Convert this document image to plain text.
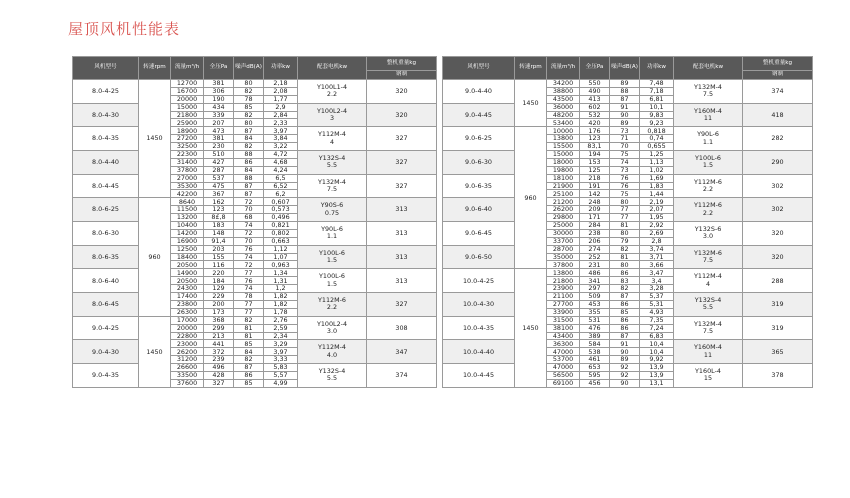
屋顶风机性能表
风机型号	转速rpm	流量m³/h	全压Pa	噪声dB(A)	功率kw	配套电机kw	整机重量kg
							钢制
8.0-4-25	1450	12700	381	80	2,18	Y100L1-4
2.2	320
		16700	306	82	2,08		
		20000	190	78	1,77		
8.0-4-30		15000	434	85	2,9	Y100L2-4
3	320
		21800	339	82	2,84		
		25900	207	80	2,33		
8.0-4-35		18900	473	87	3,97	Y112M-4
4	327
		27200	381	84	3,84		
		32500	230	82	3,22		
8.0-4-40		22300	510	88	4,72	Y132S-4
5.5	327
		31400	427	86	4,68		
		37800	287	84	4,24		
8.0-4-45		27000	537	88	6,5	Y132M-4
7.5	327
		35300	475	87	6,52		
		42200	367	87	6,2		
8.0-6-25	960	8640	162	72	0,607	Y90S-6
0.75	313
		11500	123	70	0,573		
		13200	8£,8	68	0,496		
8.0-6-30		10400	183	74	0,821	Y90L-6
1.1	313
		14200	148	72	0,802		
		16900	91,4	70	0,663		
8.0-6-35		12500	203	76	1,12	Y100L-6
1.5	313
		18400	155	74	1,07		
		20500	116	72	0,963		
8.0-6-40		14900	220	77	1,34	Y100L-6
1.5	313
		20500	184	76	1,31		
		24300	129	74	1,2		
8.0-6-45		17400	229	78	1,82	Y112M-6
2.2	327
		23800	200	77	1,82		
		26300	173	77	1,78		
9.0-4-25	1450	17000	368	82	2,76	Y100L2-4
3.0	308
		20000	299	81	2,59		
		22800	213	81	2,34		
9.0-4-30		23000	441	85	3,29	Y112M-4
4.0	347
		26200	372	84	3,97		
		31200	239	82	3,33		
9.0-4-35		26600	496	87	5,83	Y132S-4
5.5	374
		33500	428	86	5,57		
		37600	327	85	4,99		
风机型号	转速rpm	流量m³/h	全压Pa	噪声dB(A)	功率kw	配套电机kw	整机重量kg
							钢制
9.0-4-40	1450	34200	550	89	7,48	Y132M-4
7.5	374
		38800	490	88	7,18		
		43500	413	87	6,81		
9.0-4-45		36000	602	91	10,1	Y160M-4
11	418
		48200	532	90	9,83		
		53400	420	89	9,23		
9.0-6-25	960	10000	176	73	0,818	Y90L-6
1.1	282
		13800	123	71	0,74		
		15500	83,1	70	0,655		
9.0-6-30		15000	194	75	1,25	Y100L-6
1.5	290
		18000	153	74	1,13		
		19800	125	73	1,02		
9.0-6-35		18100	218	76	1,69	Y112M-6
2.2	302
		21900	191	76	1,83		
		25100	142	75	1,44		
9.0-6-40		21200	248	80	2,19	Y112M-6
2.2	302
		26200	209	77	2,07		
		29800	171	77	1,95		
9.0-6-45		25000	284	81	2,92	Y132S-6
3.0	320
		30000	238	80	2,69		
		33700	206	79	2,8		
9.0-6-50		28700	274	82	3,74	Y132M-6
7.5	320
		35000	252	81	3,71		
		37800	231	80	3,66		
10.0-4-25	1450	13800	486	86	3,47	Y112M-4
4	288
		21800	341	83	3,4		
		23900	297	82	3,28		
10.0-4-30		21100	509	87	5,37	Y132S-4
5.5	319
		27700	453	86	5,31		
		33900	355	85	4,93		
10.0-4-35		31500	531	86	7,35	Y132M-4
7.5	319
		38100	476	86	7,24		
		43400	389	87	6,83		
10.0-4-40		36300	584	91	10,4	Y160M-4
11	365
		47000	538	90	10,4		
		53700	461	89	9,92		
10.0-4-45		47000	653	92	13,9	Y160L-4
15	378
		56500	595	92	13,9		
		69100	456	90	13,1		
